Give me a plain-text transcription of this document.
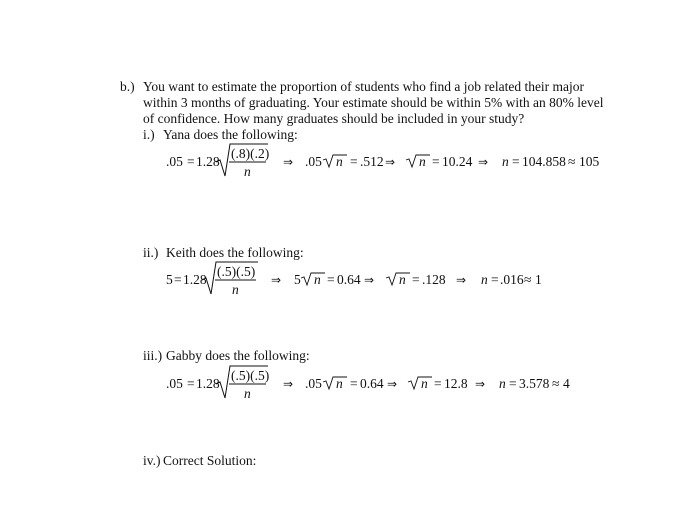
b.) You want to estimate the proportion of students who find a job related their major
within 3 months of graduating. Your estimate should be within 5% with an 80% level
of confidence. How many graduates should be included in your study?
i.) Yana does the following:
.05 = 1.28
(.8)(.2)
n
⇒ .05 n = .512 ⇒ n = 10.24 ⇒ n = 104.858 ≈ 105
ii.) Keith does the following:
5 = 1.28
(.5)(.5)
n
⇒ 5 n = 0.64 ⇒ n = .128 ⇒ n = .016 ≈ 1
iii.) Gabby does the following:
.05 = 1.28
(.5)(.5)
n
⇒ .05 n = 0.64 ⇒ n = 12.8 ⇒ n = 3.578 ≈ 4
iv.) Correct Solution:
